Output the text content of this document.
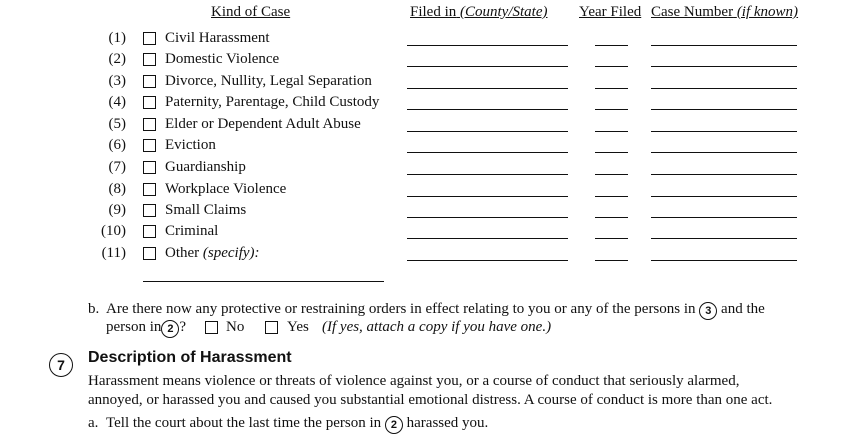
Kind of Case	Filed in (County/State) Year Filed Case Number (if known)
(1)	Civil Harassment
(2)	Domestic Violence
(3)	Divorce, Nullity, Legal Separation
(4)	Paternity, Parentage, Child Custody
(5)	Elder or Dependent Adult Abuse
(6)	Eviction
(7)	Guardianship
(8)	Workplace Violence
(9)	Small Claims
(10)	Criminal
(11)	Other (specify):
b. Are there now any protective or restraining orders in effect relating to you or any of the persons in 3 and the
person in 2 ?	No	Yes (If yes, attach a copy if you have one.)
7	Description of Harassment
Harassment means violence or threats of violence against you, or a course of conduct that seriously alarmed,
annoyed, or harassed you and caused you substantial emotional distress. A course of conduct is more than one act.
a. Tell the court about the last time the person in 2 harassed you.
